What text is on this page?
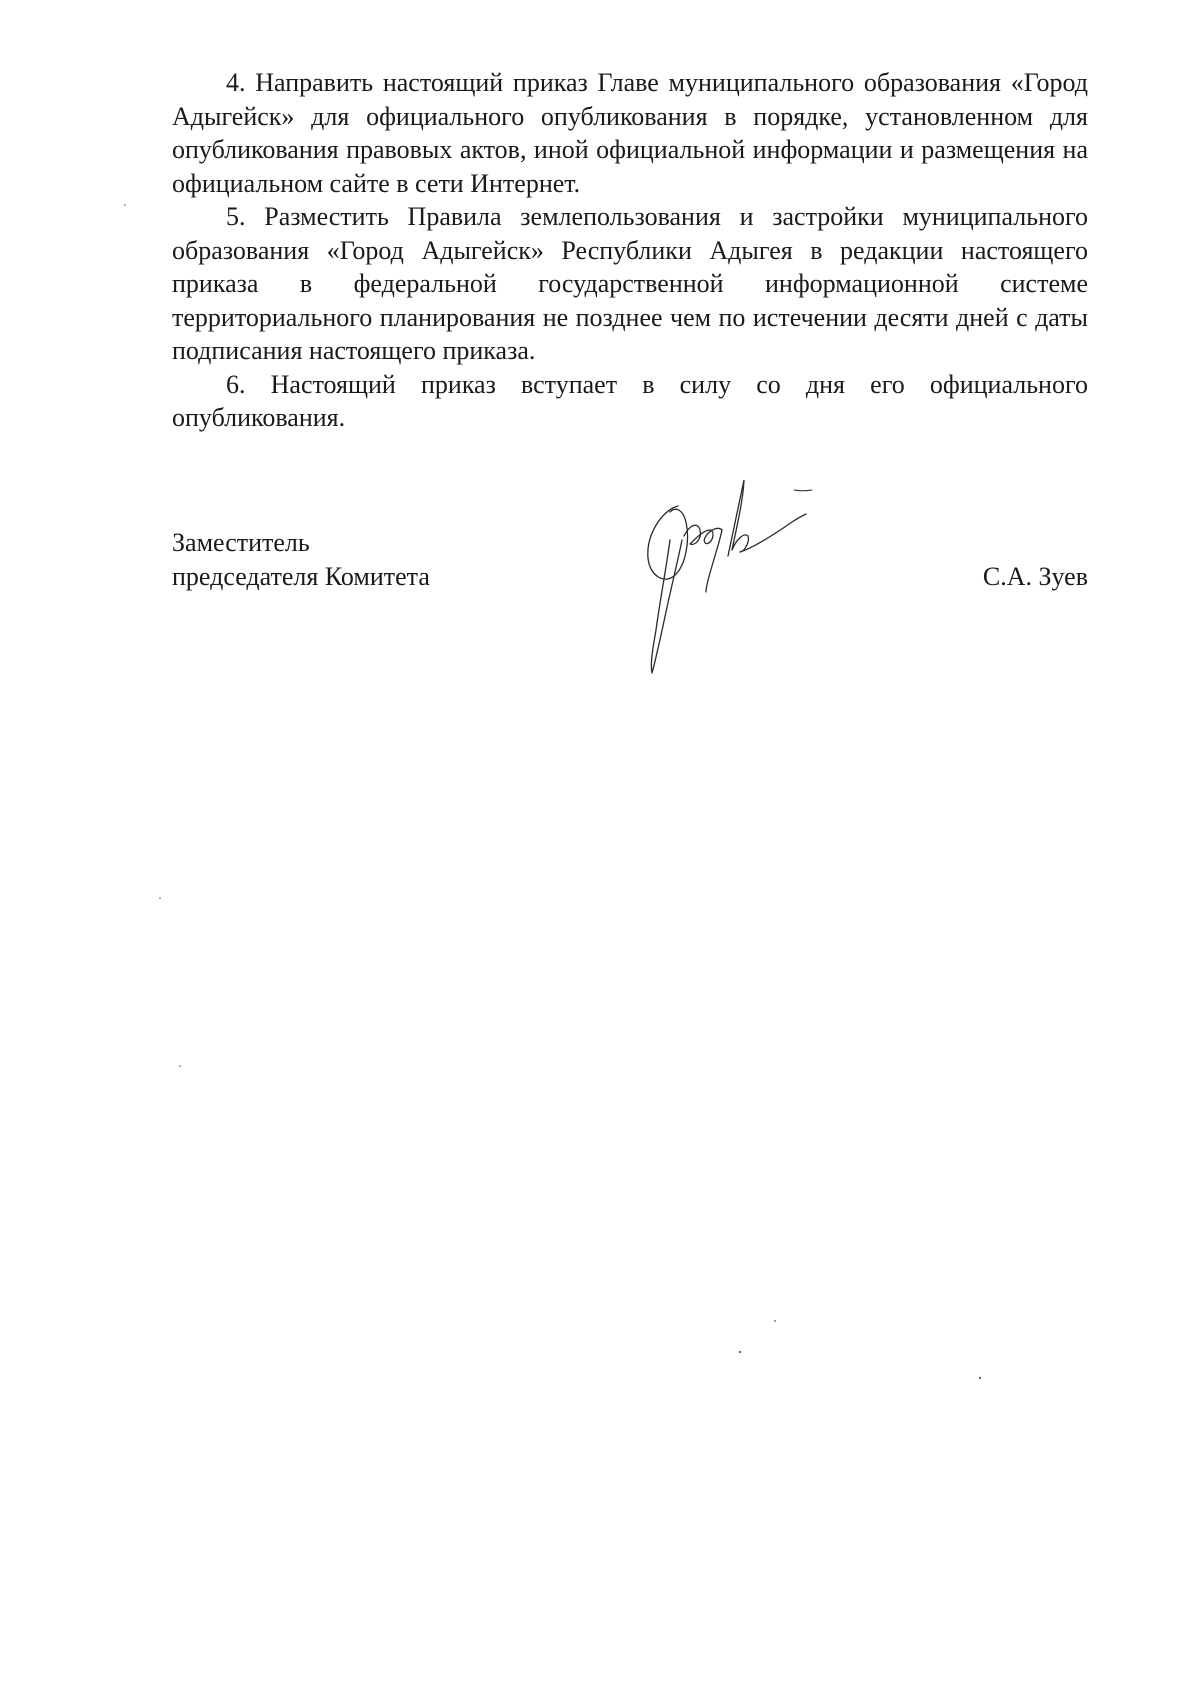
4. Направить настоящий приказ Главе муниципального образования «Город Адыгейск» для официального опубликования в порядке, установленном для опубликования правовых актов, иной официальной информации и размещения на официальном сайте в сети Интернет.

5. Разместить Правила землепользования и застройки муниципального образования «Город Адыгейск» Республики Адыгея в редакции настоящего приказа в федеральной государственной информационной системе территориального планирования не позднее чем по истечении десяти дней с даты подписания настоящего приказа.

6. Настоящий приказ вступает в силу со дня его официального опубликования.

Заместитель
председателя Комитета	С.А. Зуев
